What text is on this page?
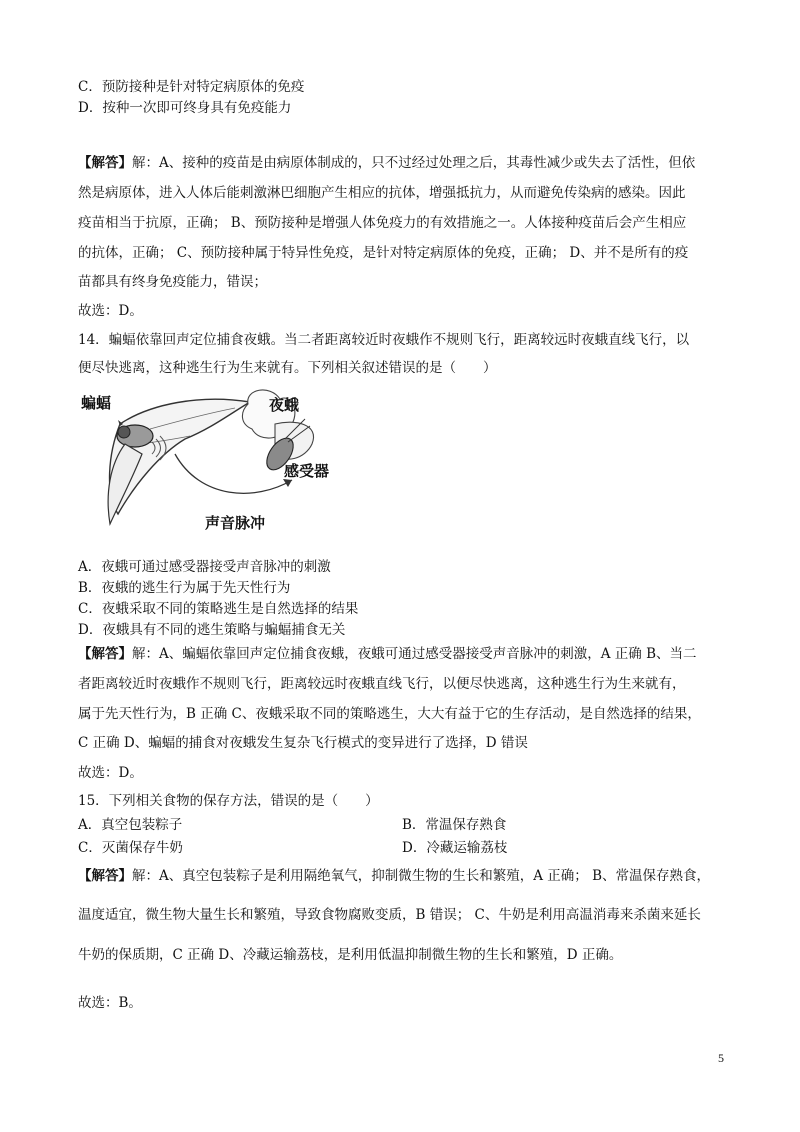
C．预防接种是针对特定病原体的免疫
D．按种一次即可终身具有免疫能力
【解答】解：A、接种的疫苗是由病原体制成的，只不过经过处理之后，其毒性减少或失去了活性，但依
然是病原体，进入人体后能刺激淋巴细胞产生相应的抗体，增强抵抗力，从而避免传染病的感染。因此
疫苗相当于抗原，正确； B、预防接种是增强人体免疫力的有效措施之一。人体接种疫苗后会产生相应
的抗体，正确； C、预防接种属于特异性免疫，是针对特定病原体的免疫，正确； D、并不是所有的疫
苗都具有终身免疫能力，错误；
故选：D。
14．蝙蝠依靠回声定位捕食夜蛾。当二者距离较近时夜蛾作不规则飞行，距离较远时夜蛾直线飞行，以
便尽快逃离，这种逃生行为生来就有。下列相关叙述错误的是（　　）
蝙蝠	夜蛾
感受器
声音脉冲
A．夜蛾可通过感受器接受声音脉冲的刺激
B．夜蛾的逃生行为属于先天性行为
C．夜蛾采取不同的策略逃生是自然选择的结果
D．夜蛾具有不同的逃生策略与蝙蝠捕食无关
【解答】解：A、蝙蝠依靠回声定位捕食夜蛾，夜蛾可通过感受器接受声音脉冲的刺激，A 正确 B、当二
者距离较近时夜蛾作不规则飞行，距离较远时夜蛾直线飞行，以便尽快逃离，这种逃生行为生来就有，
属于先天性行为，B 正确 C、夜蛾采取不同的策略逃生，大大有益于它的生存活动，是自然选择的结果，
C 正确 D、蝙蝠的捕食对夜蛾发生复杂飞行模式的变异进行了选择，D 错误
故选：D。
15．下列相关食物的保存方法，错误的是（　　）
A．真空包装粽子	B．常温保存熟食
C．灭菌保存牛奶	D．冷藏运输荔枝
【解答】解：A、真空包装粽子是利用隔绝氧气，抑制微生物的生长和繁殖，A 正确； B、常温保存熟食，
温度适宜，微生物大量生长和繁殖，导致食物腐败变质，B 错误； C、牛奶是利用高温消毒来杀菌来延长
牛奶的保质期，C 正确 D、冷藏运输荔枝，是利用低温抑制微生物的生长和繁殖，D 正确。
故选：B。
5
